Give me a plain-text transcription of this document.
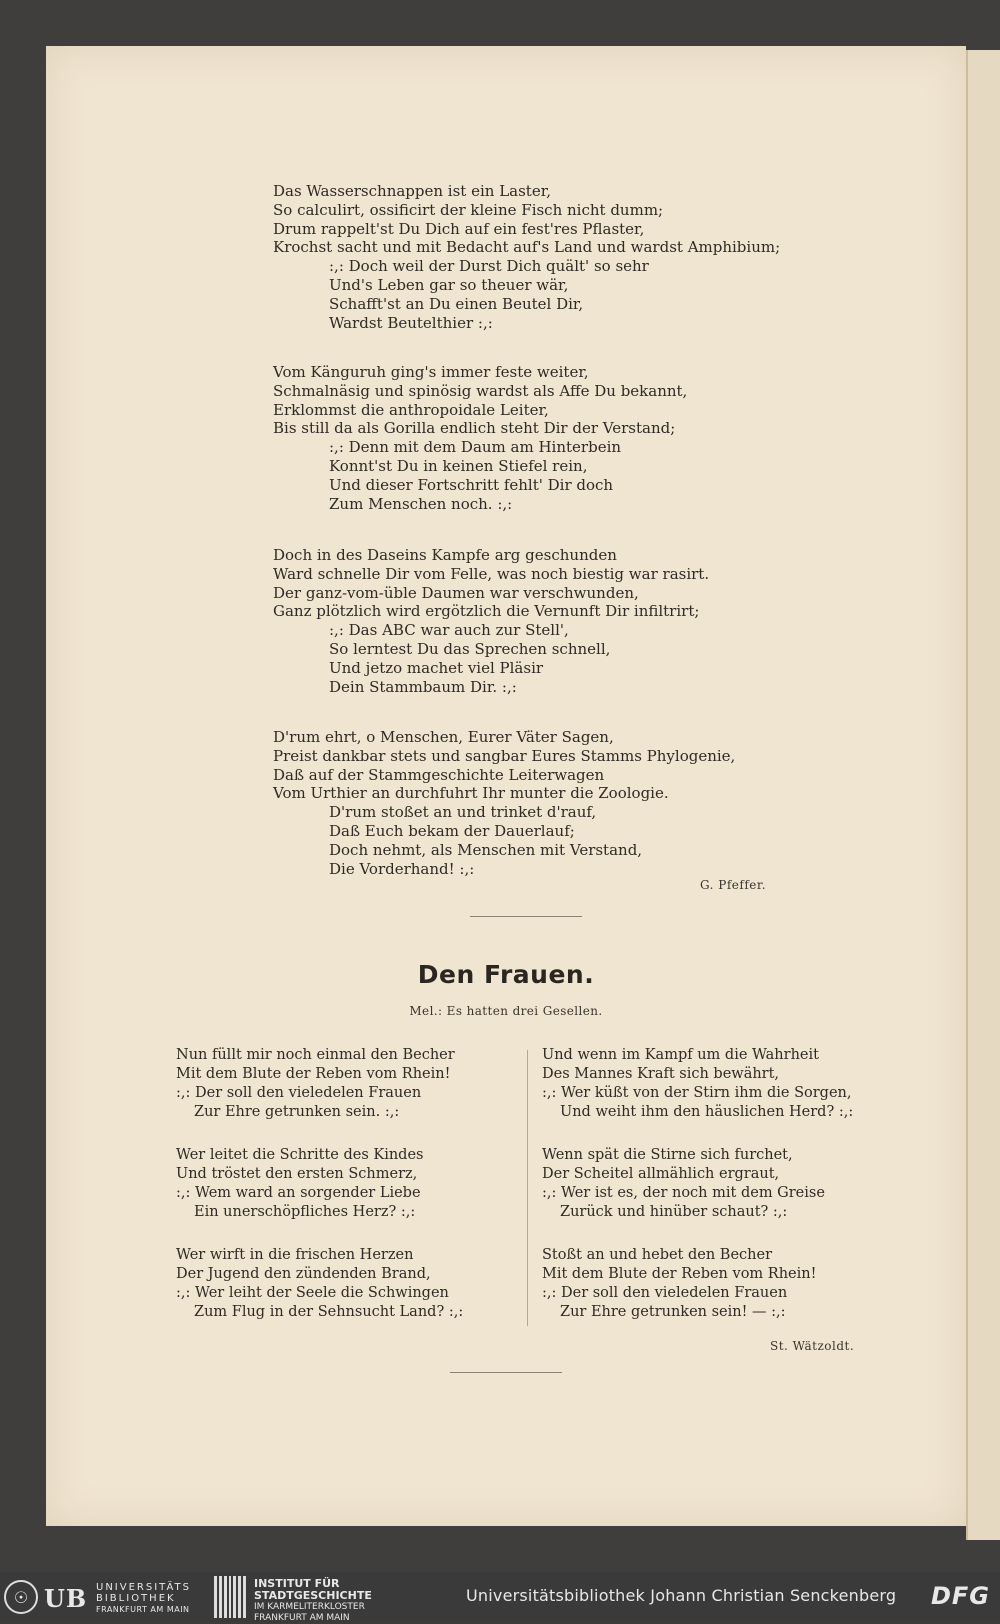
Das Wasserschnappen ist ein Laster,
So calculirt, ossificirt der kleine Fisch nicht dumm;
Drum rappelt'st Du Dich auf ein fest'res Pflaster,
Krochst sacht und mit Bedacht auf's Land und wardst Amphibium;
:,: Doch weil der Durst Dich quält' so sehr
Und's Leben gar so theuer wär,
Schafft'st an Du einen Beutel Dir,
Wardst Beutelthier :,:
Vom Känguruh ging's immer feste weiter,
Schmalnäsig und spinösig wardst als Affe Du bekannt,
Erklommst die anthropoidale Leiter,
Bis still da als Gorilla endlich steht Dir der Verstand;
:,: Denn mit dem Daum am Hinterbein
Konnt'st Du in keinen Stiefel rein,
Und dieser Fortschritt fehlt' Dir doch
Zum Menschen noch. :,:
Doch in des Daseins Kampfe arg geschunden
Ward schnelle Dir vom Felle, was noch biestig war rasirt.
Der ganz-vom-üble Daumen war verschwunden,
Ganz plötzlich wird ergötzlich die Vernunft Dir infiltrirt;
:,: Das ABC war auch zur Stell',
So lerntest Du das Sprechen schnell,
Und jetzo machet viel Pläsir
Dein Stammbaum Dir. :,:
D'rum ehrt, o Menschen, Eurer Väter Sagen,
Preist dankbar stets und sangbar Eures Stamms Phylogenie,
Daß auf der Stammgeschichte Leiterwagen
Vom Urthier an durchfuhrt Ihr munter die Zoologie.
D'rum stoßet an und trinket d'rauf,
Daß Euch bekam der Dauerlauf;
Doch nehmt, als Menschen mit Verstand,
Die Vorderhand! :,:
G. Pfeffer.
Den Frauen.
Mel.: Es hatten drei Gesellen.
Nun füllt mir noch einmal den Becher
Mit dem Blute der Reben vom Rhein!
:,: Der soll den vieledelen Frauen
Zur Ehre getrunken sein. :,:
Wer leitet die Schritte des Kindes
Und tröstet den ersten Schmerz,
:,: Wem ward an sorgender Liebe
Ein unerschöpfliches Herz? :,:
Wer wirft in die frischen Herzen
Der Jugend den zündenden Brand,
:,: Wer leiht der Seele die Schwingen
Zum Flug in der Sehnsucht Land? :,:
Und wenn im Kampf um die Wahrheit
Des Mannes Kraft sich bewährt,
:,: Wer küßt von der Stirn ihm die Sorgen,
Und weiht ihm den häuslichen Herd? :,:
Wenn spät die Stirne sich furchet,
Der Scheitel allmählich ergraut,
:,: Wer ist es, der noch mit dem Greise
Zurück und hinüber schaut? :,:
Stoßt an und hebet den Becher
Mit dem Blute der Reben vom Rhein!
:,: Der soll den vieledelen Frauen
Zur Ehre getrunken sein! — :,:
St. Wätzoldt.
☉ UB UNIVERSITÄTS
BIBLIOTHEK
FRANKFURT AM MAIN
INSTITUT FÜR
STADTGESCHICHTE
IM KARMELITERKLOSTER
FRANKFURT AM MAIN
Universitätsbibliothek Johann Christian Senckenberg DFG
